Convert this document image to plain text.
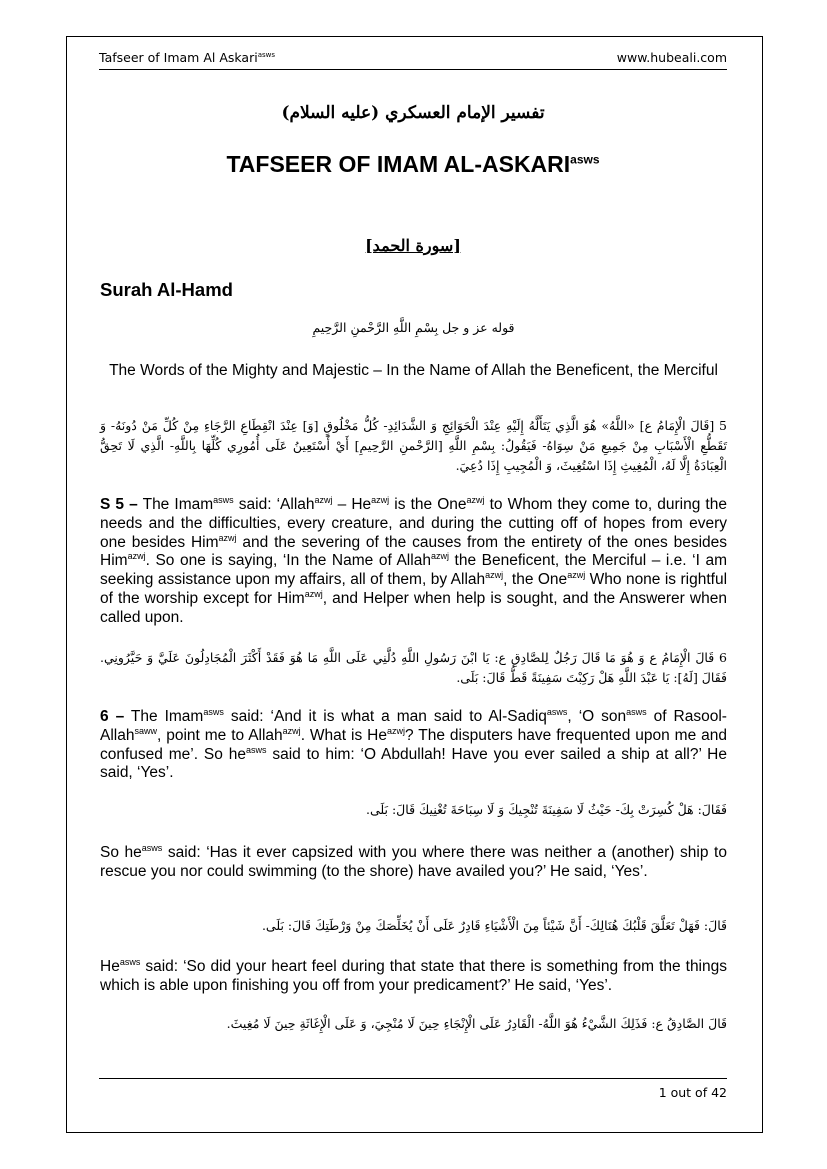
Tafseer of Imam Al Askari$^{asws}$	www.hubeali.com
تفسير الإمام العسكري (عليه السلام)
TAFSEER OF IMAM $AL-ASKARI^{asws}$
[سورة الحمد]
Surah Al-Hamd
قوله عز و جل بِسْمِ اللَّهِ الرَّحْمنِ الرَّحِيمِ
The Words of the Mighty and Majestic – In the Name of Allah the Beneficent, the Merciful
5 [قَالَ الْإِمَامُ ع] «اللَّهُ» هُوَ الَّذِي يَتَأَلَّهُ إِلَيْهِ عِنْدَ الْحَوَائِجِ وَ الشَّدَائِدِ- كُلُّ مَخْلُوقٍ [وَ] عِنْدَ انْقِطَاعِ الرَّجَاءِ مِنْ كُلِّ مَنْ دُونَهُ- وَ تَقَطُّعِ الْأَسْبَابِ مِنْ جَمِيعِ مَنْ سِوَاهُ- فَيَقُولُ: بِسْمِ اللَّهِ [الرَّحْمنِ الرَّحِيمِ] أَيْ أَسْتَعِينُ عَلَى أُمُورِي كُلِّهَا بِاللَّهِ- الَّذِي لَا تَحِقُّ الْعِبَادَةُ إِلَّا لَهُ، الْمُغِيثِ إِذَا اسْتُغِيثَ، وَ الْمُجِيبِ إِذَا دُعِيَ.
S 5 – The Imam$^{asws}$ said: ‘Allah$^{azwj}$ – $He^{azwj}$ is the One$^{azwj}$ to Whom they come to, during the needs and the difficulties, every creature, and during the cutting off of hopes from every one besides Him$^{azwj}$ and the severing of the causes from the entirety of the ones besides Him$^{azwj}$. So one is saying, ‘In the Name of Allah$^{azwj}$ the Beneficent, the Merciful – i.e. ‘I am seeking assistance upon my affairs, all of them, by Allah$^{azwj}$, the One$^{azwj}$ Who none is rightful of the worship except for Him$^{azwj}$, and Helper when help is sought, and the Answerer when called upon.
6 قَالَ الْإِمَامُ ع وَ هُوَ مَا قَالَ رَجُلٌ لِلصَّادِقِ ع: يَا ابْنَ رَسُولِ اللَّهِ دُلَّنِي عَلَى اللَّهِ مَا هُوَ فَقَدْ أَكْثَرَ الْمُجَادِلُونَ عَلَيَّ وَ حَيَّرُونِي. فَقَالَ [لَهُ]: يَا عَبْدَ اللَّهِ هَلْ رَكِبْتَ سَفِينَةً قَطُّ قَالَ: بَلَى.
6 – The Imam$^{asws}$ said: ‘And it is what a man said to Al-Sadiq$^{asws}$, ‘O son$^{asws}$ of Rasool-Allah$^{saww}$, point me to Allah$^{azwj}$. What is $He^{azwj}$? The disputers have frequented upon me and confused me’. So $he^{asws}$ said to him: ‘O Abdullah! Have you ever sailed a ship at all?’ He said, ‘Yes’.
فَقَالَ: هَلْ كُسِرَتْ بِكَ- حَيْثُ لَا سَفِينَةَ تُنْجِيكَ وَ لَا سِبَاحَةَ تُغْنِيكَ قَالَ: بَلَى.
So $he^{asws}$ said: ‘Has it ever capsized with you where there was neither a (another) ship to rescue you nor could swimming (to the shore) have availed you?’ He said, ‘Yes’.
قَالَ: فَهَلْ تَعَلَّقَ قَلْبُكَ هُنَالِكَ- أَنَّ شَيْئاً مِنَ الْأَشْيَاءِ قَادِرٌ عَلَى أَنْ يُخَلِّصَكَ مِنْ وَرْطَتِكَ قَالَ: بَلَى.
$He^{asws}$ said: ‘So did your heart feel during that state that there is something from the things which is able upon finishing you off from your predicament?’ He said, ‘Yes’.
قَالَ الصَّادِقُ ع: فَذَلِكَ الشَّيْءُ هُوَ اللَّهُ- الْقَادِرُ عَلَى الْإِنْجَاءِ حِينَ لَا مُنْجِيَ، وَ عَلَى الْإِغَاثَةِ حِينَ لَا مُغِيثَ.
1 out of 42
